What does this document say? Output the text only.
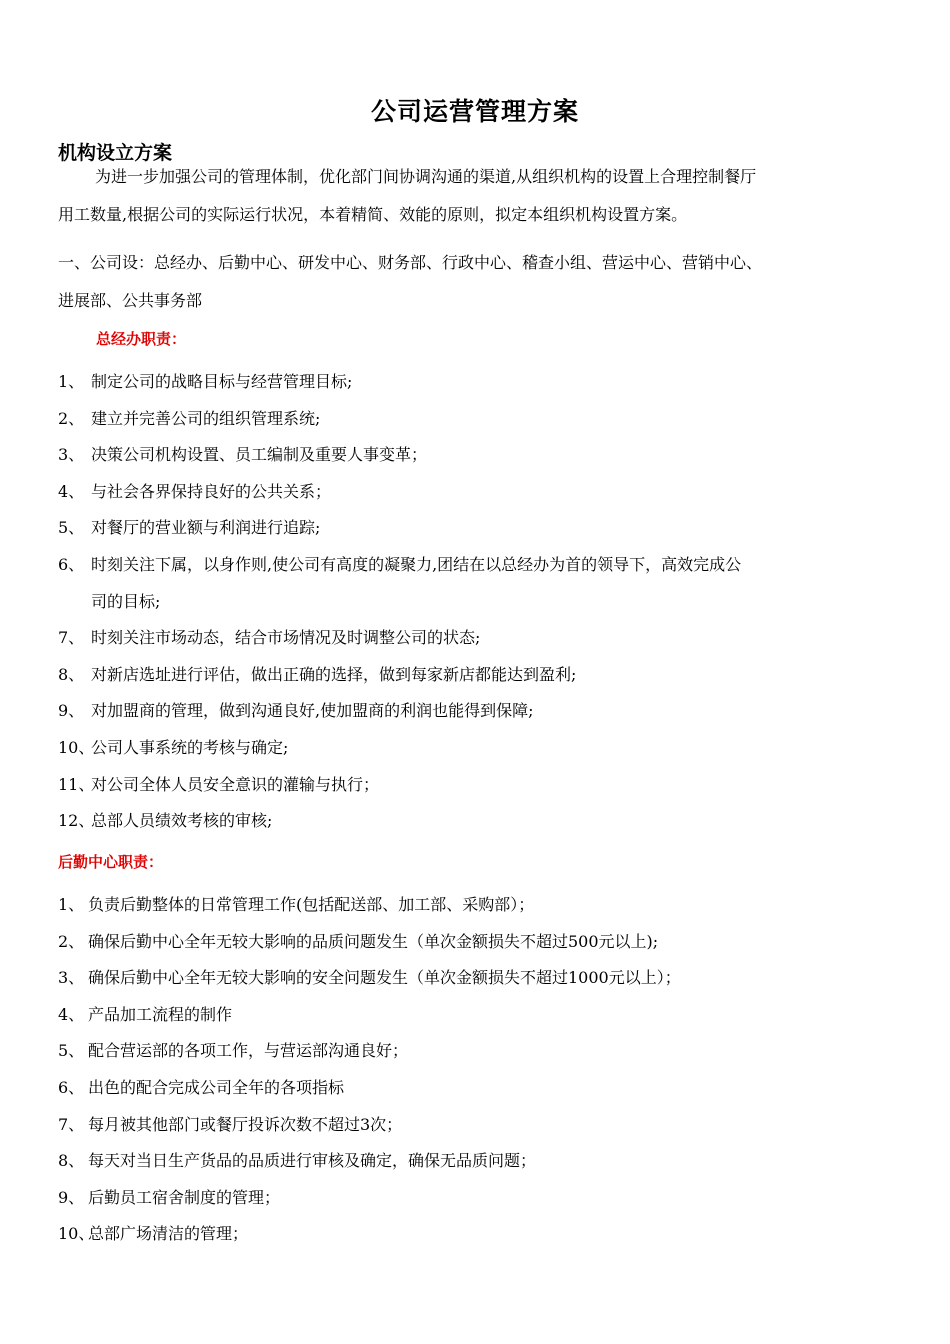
公司运营管理方案
机构设立方案

为进一步加强公司的管理体制，优化部门间协调沟通的渠道,从组织机构的设置上合理控制餐厅
用工数量,根据公司的实际运行状况，本着精简、效能的原则，拟定本组织机构设置方案。

一、公司设：总经办、后勤中心、研发中心、财务部、行政中心、稽查小组、营运中心、营销中心、
进展部、公共事务部

总经办职责：
1、 制定公司的战略目标与经营管理目标;
2、 建立并完善公司的组织管理系统;
3、 决策公司机构设置、员工编制及重要人事变革；
4、 与社会各界保持良好的公共关系；
5、 对餐厅的营业额与利润进行追踪;
6、 时刻关注下属，以身作则,使公司有高度的凝聚力,团结在以总经办为首的领导下，高效完成公
司的目标;
7、 时刻关注市场动态，结合市场情况及时调整公司的状态;
8、 对新店选址进行评估，做出正确的选择，做到每家新店都能达到盈利;
9、 对加盟商的管理，做到沟通良好,使加盟商的利润也能得到保障;
10、
公司人事系统的考核与确定;
11、
对公司全体人员安全意识的灌输与执行；
12、
总部人员绩效考核的审核;
后勤中心职责：
1、 负责后勤整体的日常管理工作(包括配送部、加工部、采购部）；
2、 确保后勤中心全年无较大影响的品质问题发生（单次金额损失不超过500元以上);
3、 确保后勤中心全年无较大影响的安全问题发生（单次金额损失不超过1000元以上）；
4、 产品加工流程的制作
5、 配合营运部的各项工作，与营运部沟通良好；
6、 出色的配合完成公司全年的各项指标
7、 每月被其他部门或餐厅投诉次数不超过3次；
8、 每天对当日生产货品的品质进行审核及确定，确保无品质问题；
9、 后勤员工宿舍制度的管理；
10、
总部广场清洁的管理；
